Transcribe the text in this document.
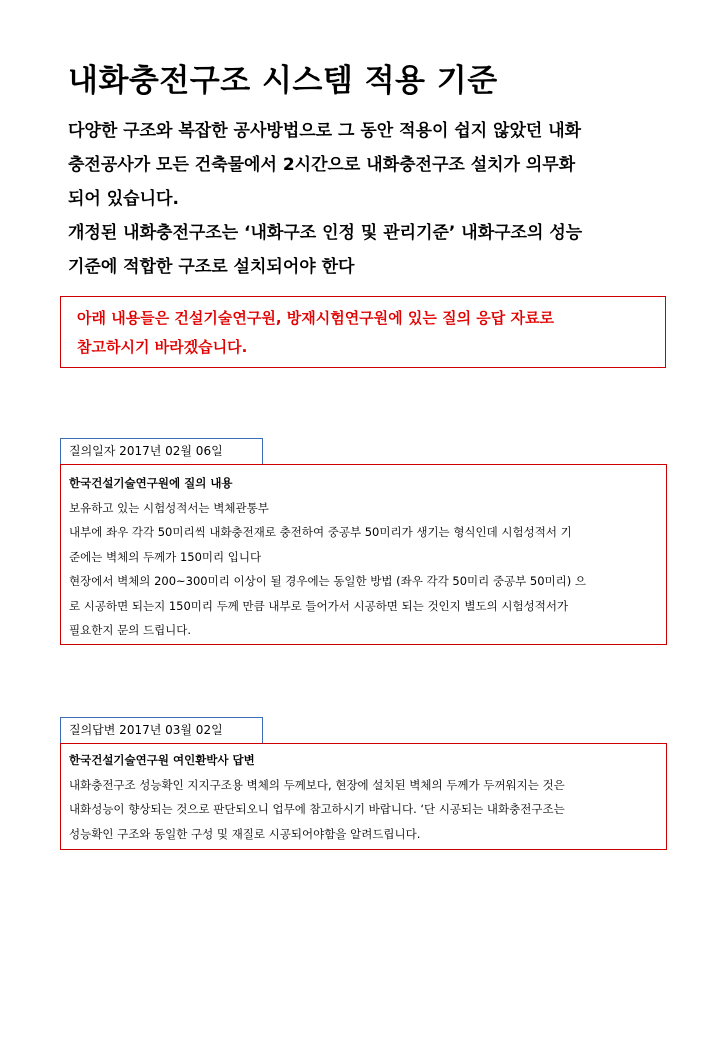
내화충전구조 시스템 적용 기준
다양한 구조와 복잡한 공사방법으로 그 동안 적용이 쉽지 않았던 내화
충전공사가 모든 건축물에서 2시간으로 내화충전구조 설치가 의무화
되어 있습니다.
개정된 내화충전구조는 ‘내화구조 인정 및 관리기준’ 내화구조의 성능
기준에 적합한 구조로 설치되어야 한다
아래 내용들은 건설기술연구원, 방재시험연구원에 있는 질의 응답 자료로
참고하시기 바라겠습니다.
질의일자 2017년 02월 06일
한국건설기술연구원에 질의 내용
보유하고 있는 시험성적서는 벽체관통부
내부에 좌우 각각 50미리씩 내화충전재로 충전하여 중공부 50미리가 생기는 형식인데 시험성적서 기
준에는 벽체의 두께가 150미리 입니다
현장에서 벽체의 200~300미리 이상이 될 경우에는 동일한 방법 (좌우 각각 50미리 중공부 50미리) 으
로 시공하면 되는지 150미리 두께 만큼 내부로 들어가서 시공하면 되는 것인지 별도의 시험성적서가
필요한지 문의 드립니다.
질의답변 2017년 03월 02일
한국건설기술연구원 여인환박사 답변
내화충전구조 성능확인 지지구조용 벽체의 두께보다, 현장에 설치된 벽체의 두께가 두꺼워지는 것은
내화성능이 향상되는 것으로 판단되오니 업무에 참고하시기 바랍니다. ‘단 시공되는 내화충전구조는
성능확인 구조와 동일한 구성 및 재질로 시공되어야함을 알려드립니다.
